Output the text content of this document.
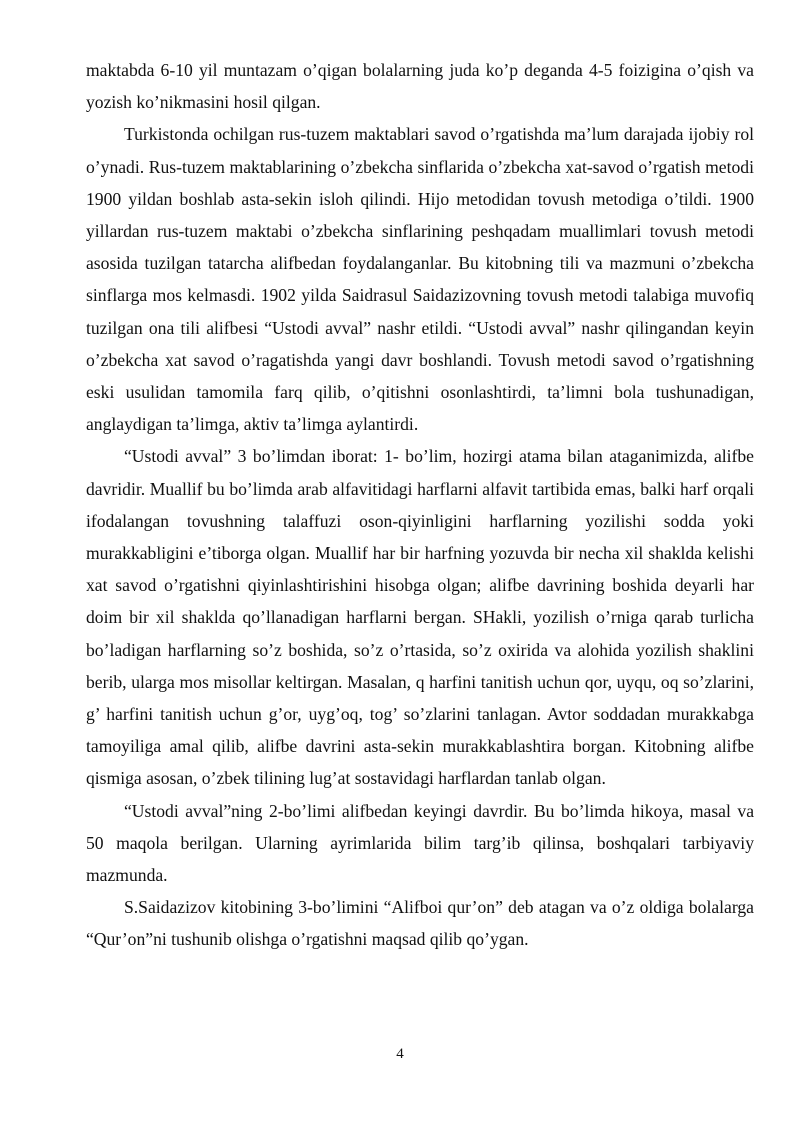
maktabda 6-10 yil muntazam o’qigan bolalarning juda ko’p deganda 4-5 foizigina o’qish va yozish ko’nikmasini hosil qilgan.

Turkistonda ochilgan rus-tuzem maktablari savod o’rgatishda ma’lum darajada ijobiy rol o’ynadi. Rus-tuzem maktablarining o’zbekcha sinflarida o’zbekcha xat-savod o’rgatish metodi 1900 yildan boshlab asta-sekin isloh qilindi. Hijo metodidan tovush metodiga o’tildi. 1900 yillardan rus-tuzem maktabi o’zbekcha sinflarining peshqadam muallimlari tovush metodi asosida tuzilgan tatarcha alifbedan foydalanganlar. Bu kitobning tili va mazmuni o’zbekcha sinflarga mos kelmasdi. 1902 yilda Saidrasul Saidazizovning tovush metodi talabiga muvofiq tuzilgan ona tili alifbesi “Ustodi avval” nashr etildi. “Ustodi avval” nashr qilingandan keyin o’zbekcha xat savod o’ragatishda yangi davr boshlandi. Tovush metodi savod o’rgatishning eski usulidan tamomila farq qilib, o’qitishni osonlashtirdi, ta’limni bola tushunadigan, anglaydigan ta’limga, aktiv ta’limga aylantirdi.

“Ustodi avval” 3 bo’limdan iborat: 1- bo’lim, hozirgi atama bilan ataganimizda, alifbe davridir. Muallif bu bo’limda arab alfavitidagi harflarni alfavit tartibida emas, balki harf orqali ifodalangan tovushning talaffuzi oson-qiyinligini harflarning yozilishi sodda yoki murakkabligini e’tiborga olgan. Muallif har bir harfning yozuvda bir necha xil shaklda kelishi xat savod o’rgatishni qiyinlashtirishini hisobga olgan; alifbe davrining boshida deyarli har doim bir xil shaklda qo’llanadigan harflarni bergan. SHakli, yozilish o’rniga qarab turlicha bo’ladigan harflarning so’z boshida, so’z o’rtasida, so’z oxirida va alohida yozilish shaklini berib, ularga mos misollar keltirgan. Masalan, q harfini tanitish uchun qor, uyqu, oq so’zlarini, g’ harfini tanitish uchun g’or, uyg’oq, tog’ so’zlarini tanlagan. Avtor soddadan murakkabga tamoyiliga amal qilib, alifbe davrini asta-sekin murakkablashtira borgan. Kitobning alifbe qismiga asosan, o’zbek tilining lug’at sostavidagi harflardan tanlab olgan.

“Ustodi avval”ning 2-bo’limi alifbedan keyingi davrdir. Bu bo’limda hikoya, masal va 50 maqola berilgan. Ularning ayrimlarida bilim targ’ib qilinsa, boshqalari tarbiyaviy mazmunda.

S.Saidazizov kitobining 3-bo’limini “Alifboi qur’on” deb atagan va o’z oldiga bolalarga “Qur’on”ni tushunib olishga o’rgatishni maqsad qilib qo’ygan.

4
